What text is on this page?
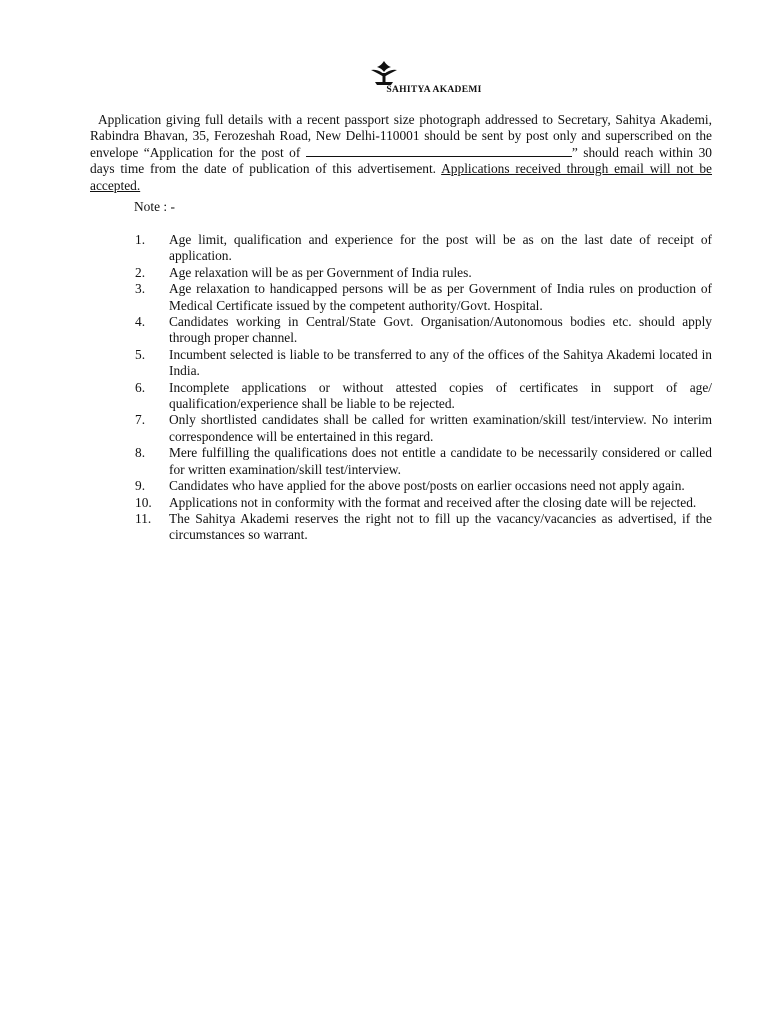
SAHITYA AKADEMI

Application giving full details with a recent passport size photograph addressed to Secretary, Sahitya Akademi, Rabindra Bhavan, 35, Ferozeshah Road, New Delhi-110001 should be sent by post only and superscribed on the envelope “Application for the post of	” should reach within 30 days time from the date of publication of this advertisement. Applications received through email will not be accepted.

Note : -

1. Age limit, qualification and experience for the post will be as on the last date of receipt of application.
2. Age relaxation will be as per Government of India rules.
3. Age relaxation to handicapped persons will be as per Government of India rules on production of Medical Certificate issued by the competent authority/Govt. Hospital.
4. Candidates working in Central/State Govt. Organisation/Autonomous bodies etc. should apply through proper channel.
5. Incumbent selected is liable to be transferred to any of the offices of the Sahitya Akademi located in India.
6. Incomplete applications or without attested copies of certificates in support of age/ qualification/experience shall be liable to be rejected.
7. Only shortlisted candidates shall be called for written examination/skill test/interview. No interim correspondence will be entertained in this regard.
8. Mere fulfilling the qualifications does not entitle a candidate to be necessarily considered or called for written examination/skill test/interview.
9. Candidates who have applied for the above post/posts on earlier occasions need not apply again.
10. Applications not in conformity with the format and received after the closing date will be rejected.
11. The Sahitya Akademi reserves the right not to fill up the vacancy/vacancies as advertised, if the circumstances so warrant.
